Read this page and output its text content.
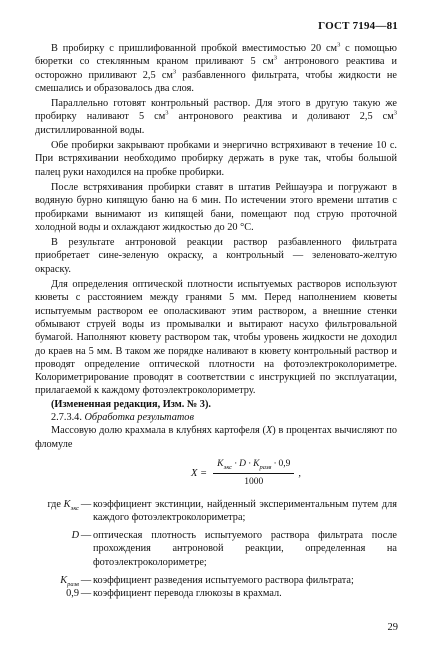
ГОСТ 7194—81

В пробирку с пришлифованной пробкой вместимостью 20 $см^3$ с помощью бюретки со стеклянным краном приливают 5 $см^3$ антронового реактива и осторожно приливают 2,5 $см^3$ разбавленного фильтрата, чтобы жидкости не смешались и образовалось два слоя.

Параллельно готовят контрольный раствор. Для этого в другую такую же пробирку наливают 5 $см^3$ антронового реактива и доливают 2,5 $см^3$ дистиллированной воды.

Обе пробирки закрывают пробками и энергично встряхивают в течение 10 с. При встряхивании необходимо пробирку держать в руке так, чтобы большой палец руки находился на пробке пробирки.

После встряхивания пробирки ставят в штатив Рейшауэра и погружают в водяную бурно кипящую баню на 6 мин. По истечении этого времени штатив с пробирками вынимают из кипящей бани, помещают под струю проточной холодной воды и охлаждают жидкостью до 20 °С.

В результате антроновой реакции раствор разбавленного фильтрата приобретает сине-зеленую окраску, а контрольный — зеленовато-желтую окраску.

Для определения оптической плотности испытуемых растворов используют кюветы с расстоянием между гранями 5 мм. Перед наполнением кюветы испытуемым раствором ее ополаскивают этим раствором, а внешние стенки обмывают струей воды из промывалки и вытирают насухо фильтровальной бумагой. Наполняют кювету раствором так, чтобы уровень жидкости не доходил до краев на 5 мм. В таком же порядке наливают в кювету контрольный раствор и проводят определение оптической плотности на фотоэлектроколориметре. Колориметрирование проводят в соответствии с инструкцией по эксплуатации, прилагаемой к каждому фотоэлектроколориметру.

(Измененная редакция, Изм. № 3).

2.7.3.4. Обработка результатов

Массовую долю крахмала в клубнях картофеля (X) в процентах вычисляют по фломуле

$X = \frac{K_{экс} \cdot D \cdot K_{разв} \cdot 0,9}{1000}$ ,
где $K_{экс}$ — коэффициент экстинции, найденный экспериментальным путем для каждого фотоэлектроколориметра;
D — оптическая плотность испытуемого раствора фильтрата после прохождения антроновой реакции, определенная на фотоэлектроколориметре;
$K_{разв}$ — коэффициент разведения испытуемого раствора фильтрата;
0,9 — коэффициент перевода глюкозы в крахмал.
29
